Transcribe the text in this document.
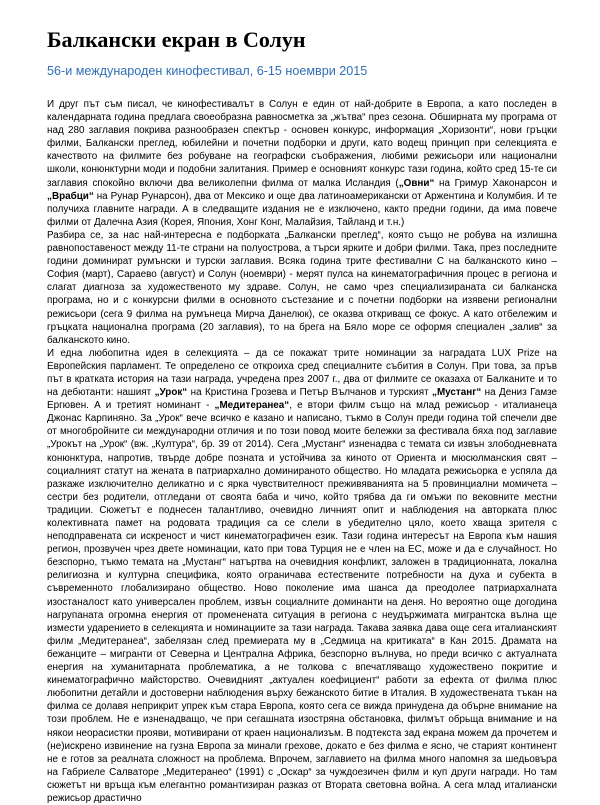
Балкански екран в Солун
56-и международен кинофестивал, 6-15 ноември 2015

И друг път съм писал, че кинофестивалът в Солун е един от най-добрите в Европа, а като последен в календарната година предлага своеобразна равносметка за „жътва“ през сезона. Обширната му програма от над 280 заглавия покрива разнообразен спектър - основен конкурс, информация „Хоризонти“, нови гръцки филми, Балкански преглед, юбилейни и почетни подборки и други, като водещ принцип при селекцията е качеството на филмите без робуване на географски съображения, любими режисьори или национални школи, конюнктурни моди и подобни залитания. Пример е основният конкурс тази година, който сред 15-те си заглавия спокойно включи два великолепни филма от малка Исландия („Овни“ на Гримур Хаконарсон и „Врабци“ на Рунар Рунарсон), два от Мексико и още два латиноамерикански от Аржентина и Колумбия. И те получиха главните награди. А в следващите издания не е изключено, както предни години, да има повече филми от Далечна Азия (Корея, Япония, Хонг Конг, Малайзия, Тайланд и т.н.)

Разбира се, за нас най-интересна е подборката „Балкански преглед“, която също не робува на излишна равнопоставеност между 11-те страни на полуострова, а търси ярките и добри филми. Така, през последните години доминират румънски и турски заглавия. Всяка година трите фестивални С на балканското кино – София (март), Сараево (август) и Солун (ноември) - мерят пулса на кинематографичния процес в региона и слагат диагноза за художественото му здраве. Солун, не само чрез специализираната си балканска програма, но и с конкурсни филми в основното състезание и с почетни подборки на изявени регионални режисьори (сега 9 филма на румънеца Мирча Данелюк), се оказва откриващ се фокус. А като отбележим и гръцката национална програма (20 заглавия), то на брега на Бяло море се оформя специален „залив“ за балканското кино.

И една любопитна идея в селекцията – да се покажат трите номинации за наградата LUX Prize на Европейския парламент. Те определено се откроиха сред специалните събития в Солун. При това, за пръв път в кратката история на тази награда, учредена през 2007 г., два от филмите се оказаха от Балканите и то на дебютанти: нашият „Урок“ на Кристина Грозева и Петър Вълчанов и турският „Мустанг“ на Дениз Гамзе Ергювен. А и третият номинант - „Медитеранеа“, е втори филм също на млад режисьор - италианеца Джонас Карпиняно. За „Урок“ вече всичко е казано и написано, тъкмо в Солун преди година той спечели две от многобройните си международни отличия и по този повод моите бележки за фестивала бяха под заглавие „Урокът на „Урок“ (вж. „Култура“, бр. 39 от 2014). Сега „Мустанг“ изненадва с темата си извън злободневната конюнктура, напротив, твърде добре позната и устойчива за киното от Ориента и мюсюлманския свят – социалният статут на жената в патриархално доминираното общество. Но младата режисьорка е успяла да разкаже изключително деликатно и с ярка чувствителност преживяванията на 5 провинциални момичета – сестри без родители, отгледани от своята баба и чичо, който трябва да ги омъжи по вековните местни традиции. Сюжетът е поднесен талантливо, очевидно личният опит и наблюдения на авторката плюс колективната памет на родовата традиция са се слели в убедително цяло, което хваща зрителя с неподправената си искреност и чист кинематографичен език. Тази година интересът на Европа към нашия регион, прозвучен чрез двете номинации, като при това Турция не е член на ЕС, може и да е случайност. Но безспорно, тъкмо темата на „Мустанг“ натъртва на очевидния конфликт, заложен в традиционната, локална религиозна и културна специфика, която ограничава естествените потребности на духа и субекта в съвременното глобализирано общество. Ново поколение има шанса да преодолее патриархалната изостаналост като универсален проблем, извън социалните доминанти на деня. Но вероятно още догодина нагрупаната огромна енергия от променената ситуация в региона с неудържимата мигрантска вълна ще измести ударението в селекцията и номинациите за тази награда. Такава заявка дава още сега италианският филм „Медитеранеа“, забелязан след премиерата му в „Седмица на критиката“ в Кан 2015. Драмата на бежанците – мигранти от Северна и Централна Африка, безспорно вълнува, но преди всичко с актуалната енергия на хуманитарната проблематика, а не толкова с впечатляващо художествено покритие и кинематографично майсторство. Очевидният „актуален коефициент“ работи за ефекта от филма плюс любопитни детайли и достоверни наблюдения върху бежанското битие в Италия. В художествената тъкан на филма се долавя неприкрит упрек към стара Европа, която сега се вижда принудена да обърне внимание на този проблем. Не е изненадващо, че при сегашната изостряна обстановка, филмът обрьща внимание и на някои неорасистки прояви, мотивирани от краен национализъм. В подтекста зад екрана можем да прочетем и (не)искрено извинение на гузна Европа за минали грехове, докато е без филма е ясно, че старият континент не е готов за реалната сложност на проблема. Впрочем, заглавието на филма много напомня за шедьовъра на Габриеле Салваторе „Медитеранео“ (1991) с „Оскар“ за чуждоезичен филм и куп други награди. Но там сюжетът ни връща към елегантно романтизиран разказ от Втората световна война. А сега млад италиански режисьор драстично
